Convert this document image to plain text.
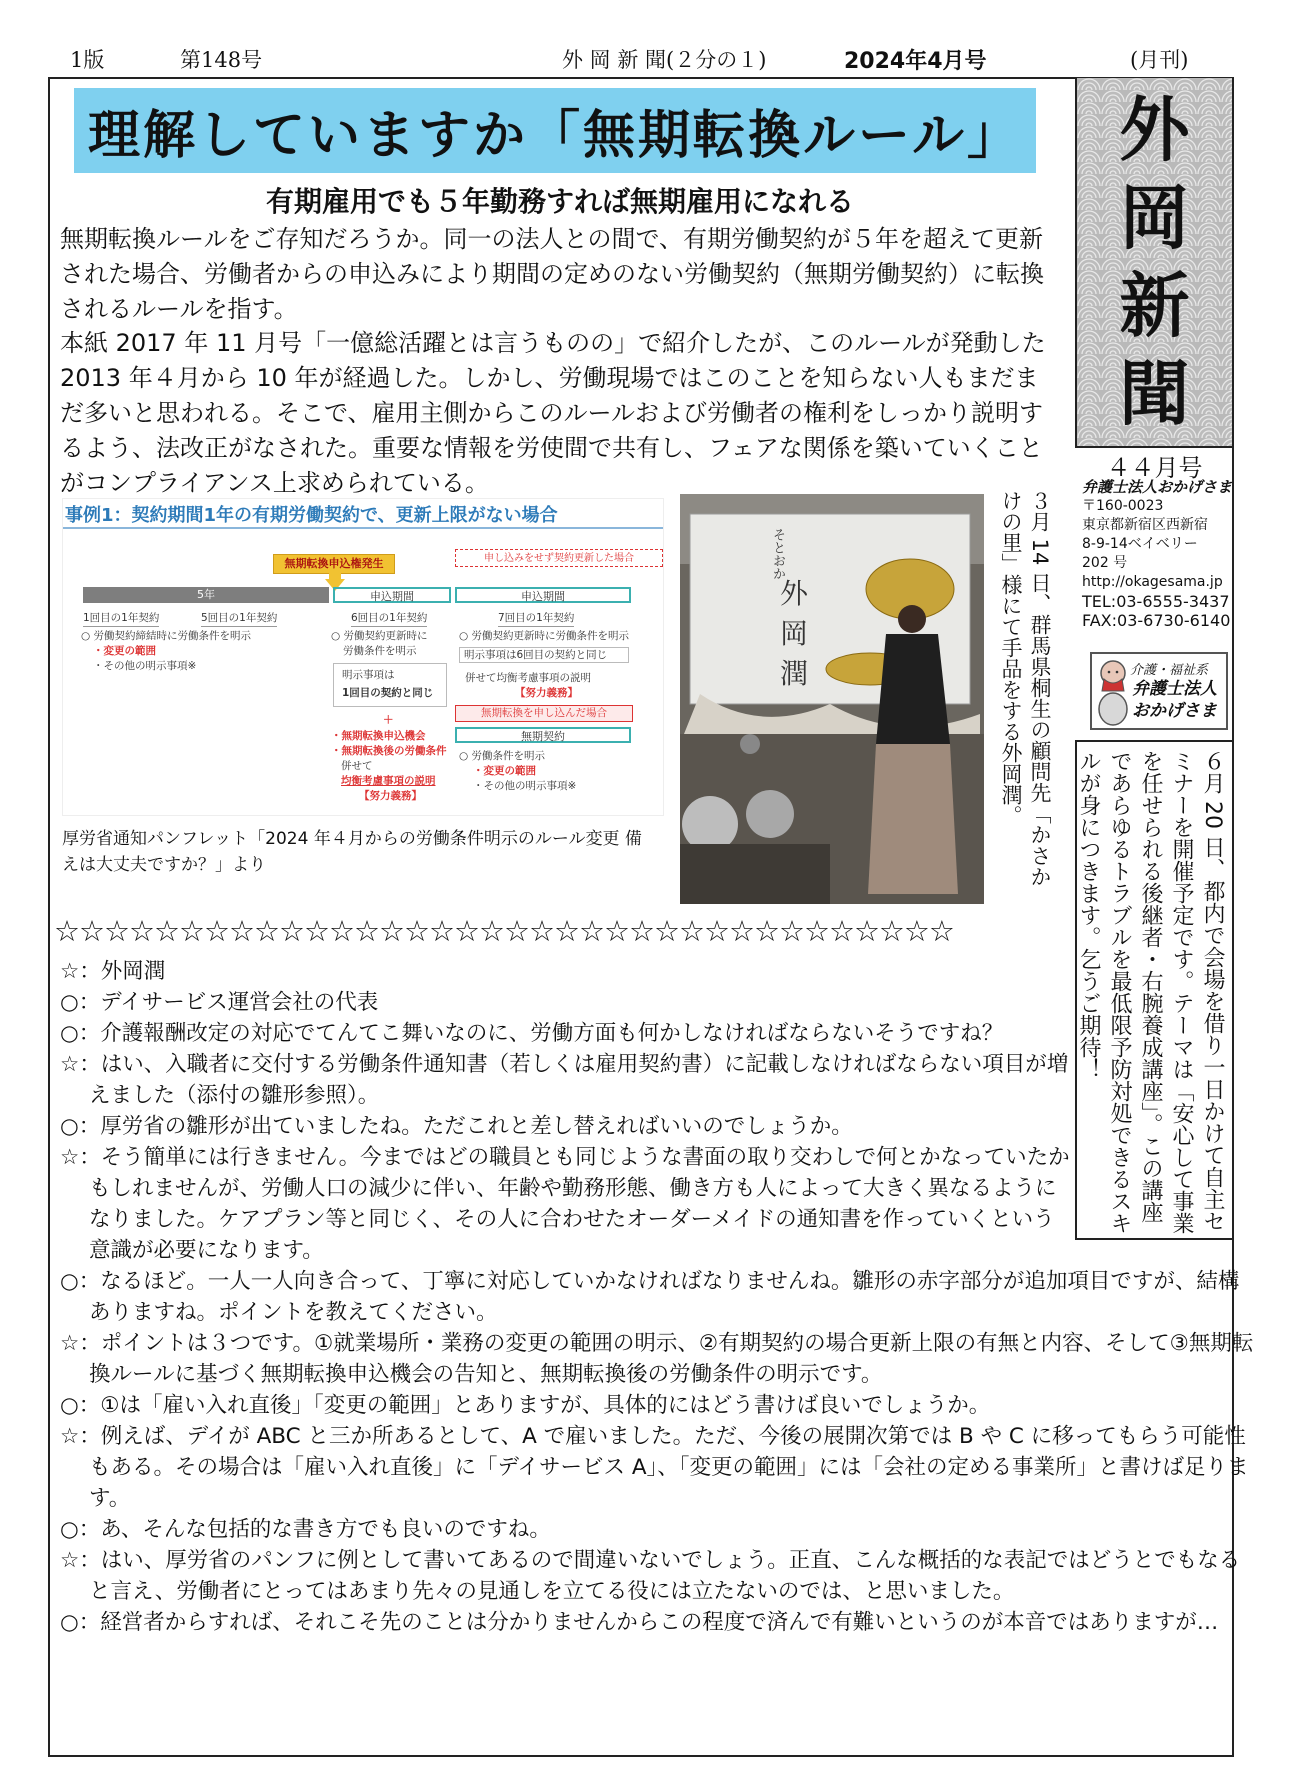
1版	第148号	外 岡 新 聞(２分の１)	2024年4月号	(月刊)
理解していますか「無期転換ルール」
有期雇用でも５年勤務すれば無期雇用になれる

無期転換ルールをご存知だろうか。同一の法人との間で、有期労働契約が５年を超えて更新された場合、労働者からの申込みにより期間の定めのない労働契約（無期労働契約）に転換されるルールを指す。

本紙 2017 年 11 月号「一億総活躍とは言うものの」で紹介したが、このルールが発動した 2013 年４月から 10 年が経過した。しかし、労働現場ではこのことを知らない人もまだまだ多いと思われる。そこで、雇用主側からこのルールおよび労働者の権利をしっかり説明するよう、法改正がなされた。重要な情報を労使間で共有し、フェアな関係を築いていくことがコンプライアンス上求められている。

外
岡
新
聞
４４月号
弁護士法人おかげさま
〒160-0023
東京都新宿区西新宿
8-9-14ベイベリー
202 号
http://okagesama.jp
TEL:03-6555-3437
FAX:03-6730-6140
介護・福祉系
弁護士法人
おかげさま
６月 20 日、都内で会場を借り一日かけて自主セミナーを開催予定です。テーマは「安心して事業を任せられる後継者・右腕養成講座」。この講座であらゆるトラブルを最低限予防対処できるスキルが身につきます。乞うご期待！
事例1：契約期間1年の有期労働契約で、更新上限がない場合
無期転換申込権発生	申し込みをせず契約更新した場合
5年	申込期間	申込期間
1回目の1年契約	5回目の1年契約	6回目の1年契約	7回目の1年契約
○ 労働契約締結時に労働条件を明示
・変更の範囲
・その他の明示事項※
○ 労働契約更新時に
労働条件を明示
明示事項は
1回目の契約と同じ
＋
・無期転換申込機会
・無期転換後の労働条件
併せて
均衡考慮事項の説明
【努力義務】
○ 労働契約更新時に労働条件を明示
明示事項は6回目の契約と同じ
併せて均衡考慮事項の説明
【努力義務】
無期転換を申し込んだ場合
無期契約
○ 労働条件を明示
・変更の範囲
・その他の明示事項※
厚労省通知パンフレット「2024 年４月からの労働条件明示のルール変更 備えは大丈夫ですか？」より
そとおか
外
岡
潤	３月 14 日、群馬県桐生の顧問先「かさかけの里」様にて手品をする外岡潤。
☆☆☆☆☆☆☆☆☆☆☆☆☆☆☆☆☆☆☆☆☆☆☆☆☆☆☆☆☆☆☆☆☆☆☆☆
☆：外岡潤
○：デイサービス運営会社の代表
○：介護報酬改定の対応でてんてこ舞いなのに、労働方面も何かしなければならないそうですね？
☆：はい、入職者に交付する労働条件通知書（若しくは雇用契約書）に記載しなければならない項目が増えました（添付の雛形参照）。
○：厚労省の雛形が出ていましたね。ただこれと差し替えればいいのでしょうか。
☆：そう簡単には行きません。今まではどの職員とも同じような書面の取り交わしで何とかなっていたかもしれませんが、労働人口の減少に伴い、年齢や勤務形態、働き方も人によって大きく異なるようになりました。ケアプラン等と同じく、その人に合わせたオーダーメイドの通知書を作っていくという意識が必要になります。
○：なるほど。一人一人向き合って、丁寧に対応していかなければなりませんね。雛形の赤字部分が追加項目ですが、結構ありますね。ポイントを教えてください。
☆：ポイントは３つです。①就業場所・業務の変更の範囲の明示、②有期契約の場合更新上限の有無と内容、そして③無期転換ルールに基づく無期転換申込機会の告知と、無期転換後の労働条件の明示です。
○：①は「雇い入れ直後」「変更の範囲」とありますが、具体的にはどう書けば良いでしょうか。
☆：例えば、デイが ABC と三か所あるとして、A で雇いました。ただ、今後の展開次第では B や C に移ってもらう可能性もある。その場合は「雇い入れ直後」に「デイサービス A」、「変更の範囲」には「会社の定める事業所」と書けば足ります。
○：あ、そんな包括的な書き方でも良いのですね。
☆：はい、厚労省のパンフに例として書いてあるので間違いないでしょう。正直、こんな概括的な表記ではどうとでもなると言え、労働者にとってはあまり先々の見通しを立てる役には立たないのでは、と思いました。
○：経営者からすれば、それこそ先のことは分かりませんからこの程度で済んで有難いというのが本音ではありますが…
